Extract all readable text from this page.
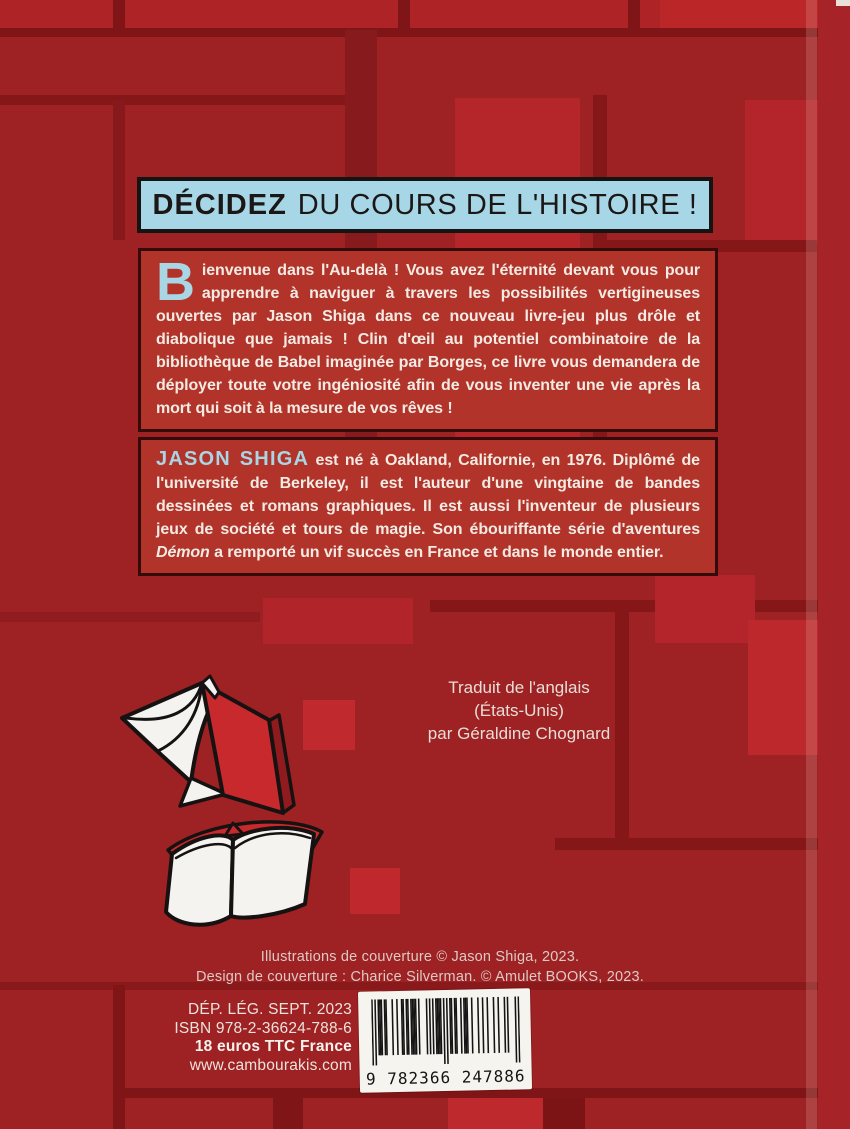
DÉCIDEZ DU COURS DE L'HISTOIRE !
Bienvenue dans l'Au-delà ! Vous avez l'éternité devant vous pour apprendre à naviguer à travers les possibilités vertigineuses ouvertes par Jason Shiga dans ce nouveau livre-jeu plus drôle et diabolique que jamais ! Clin d'œil au potentiel combinatoire de la bibliothèque de Babel imaginée par Borges, ce livre vous demandera de déployer toute votre ingéniosité afin de vous inventer une vie après la mort qui soit à la mesure de vos rêves !
JASON SHIGA est né à Oakland, Californie, en 1976. Diplômé de l'université de Berkeley, il est l'auteur d'une vingtaine de bandes dessinées et romans graphiques. Il est aussi l'inventeur de plusieurs jeux de société et tours de magie. Son ébouriffante série d'aventures Démon a remporté un vif succès en France et dans le monde entier.
Traduit de l'anglais
(États-Unis)
par Géraldine Chognard
Illustrations de couverture © Jason Shiga, 2023.
Design de couverture : Charice Silverman. © Amulet BOOKS, 2023.
DÉP. LÉG. SEPT. 2023
ISBN 978-2-36624-788-6
18 euros TTC France
www.cambourakis.com
9 782366 247886
